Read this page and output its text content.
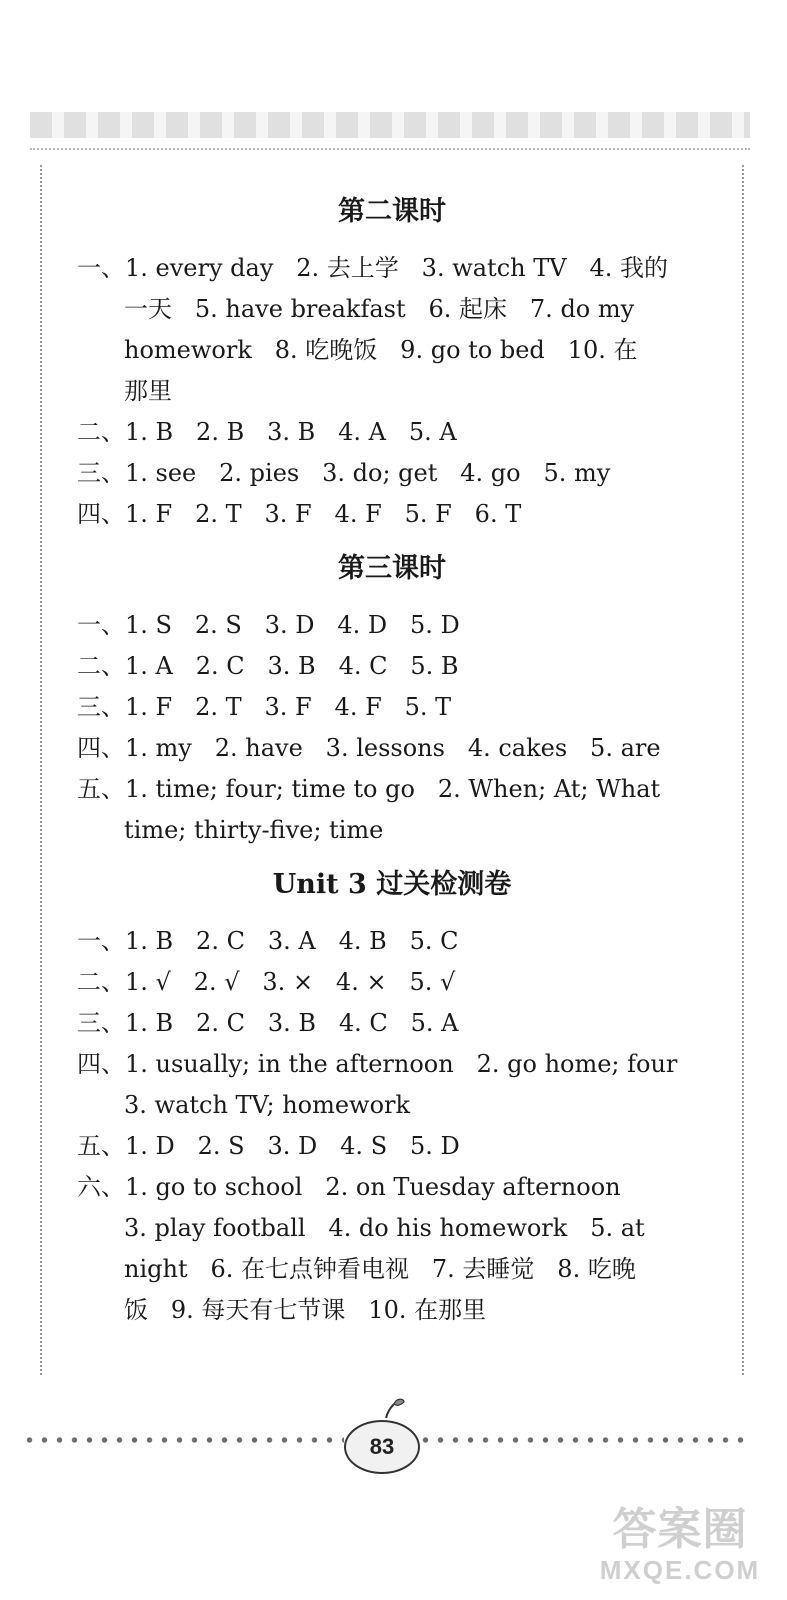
第二课时
一、1. every day   2. 去上学   3. watch TV   4. 我的
一天   5. have breakfast   6. 起床   7. do my
homework   8. 吃晚饭   9. go to bed   10. 在
那里
二、1. B   2. B   3. B   4. A   5. A
三、1. see   2. pies   3. do; get   4. go   5. my
四、1. F   2. T   3. F   4. F   5. F   6. T
第三课时
一、1. S   2. S   3. D   4. D   5. D
二、1. A   2. C   3. B   4. C   5. B
三、1. F   2. T   3. F   4. F   5. T
四、1. my   2. have   3. lessons   4. cakes   5. are
五、1. time; four; time to go   2. When; At; What
time; thirty-five; time
Unit 3 过关检测卷
一、1. B   2. C   3. A   4. B   5. C
二、1. √   2. √   3. ×   4. ×   5. √
三、1. B   2. C   3. B   4. C   5. A
四、1. usually; in the afternoon   2. go home; four
3. watch TV; homework
五、1. D   2. S   3. D   4. S   5. D
六、1. go to school   2. on Tuesday afternoon
3. play football   4. do his homework   5. at
night   6. 在七点钟看电视   7. 去睡觉   8. 吃晚
饭   9. 每天有七节课   10. 在那里
83
答案圈
MXQE.COM
